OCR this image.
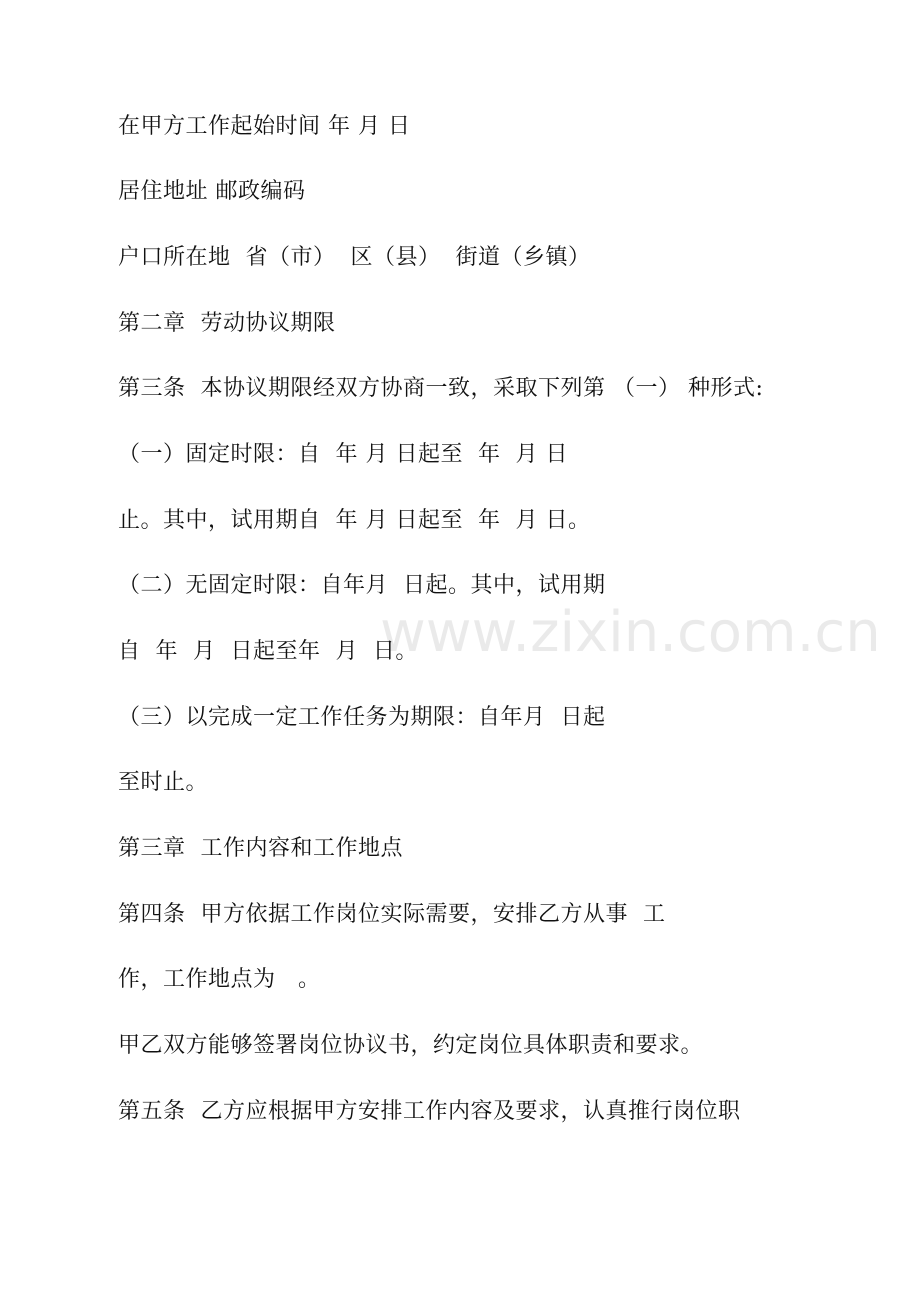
在甲方工作起始时间 年 月 日
居住地址 邮政编码
户口所在地  省（市）  区（县）  街道（乡镇）
第二章  劳动协议期限
第三条  本协议期限经双方协商一致，采取下列第 （一） 种形式:
（一）固定时限：自  年 月 日起至  年  月 日
止。其中，试用期自  年 月 日起至  年  月 日。
（二）无固定时限：自年月  日起。其中，试用期
自  年  月  日起至年  月  日。
（三）以完成一定工作任务为期限：自年月  日起
至时止。
第三章  工作内容和工作地点
第四条  甲方依据工作岗位实际需要，安排乙方从事  工
作，工作地点为   。
甲乙双方能够签署岗位协议书，约定岗位具体职责和要求。
第五条  乙方应根据甲方安排工作内容及要求，认真推行岗位职
www.zixin.com.cn
